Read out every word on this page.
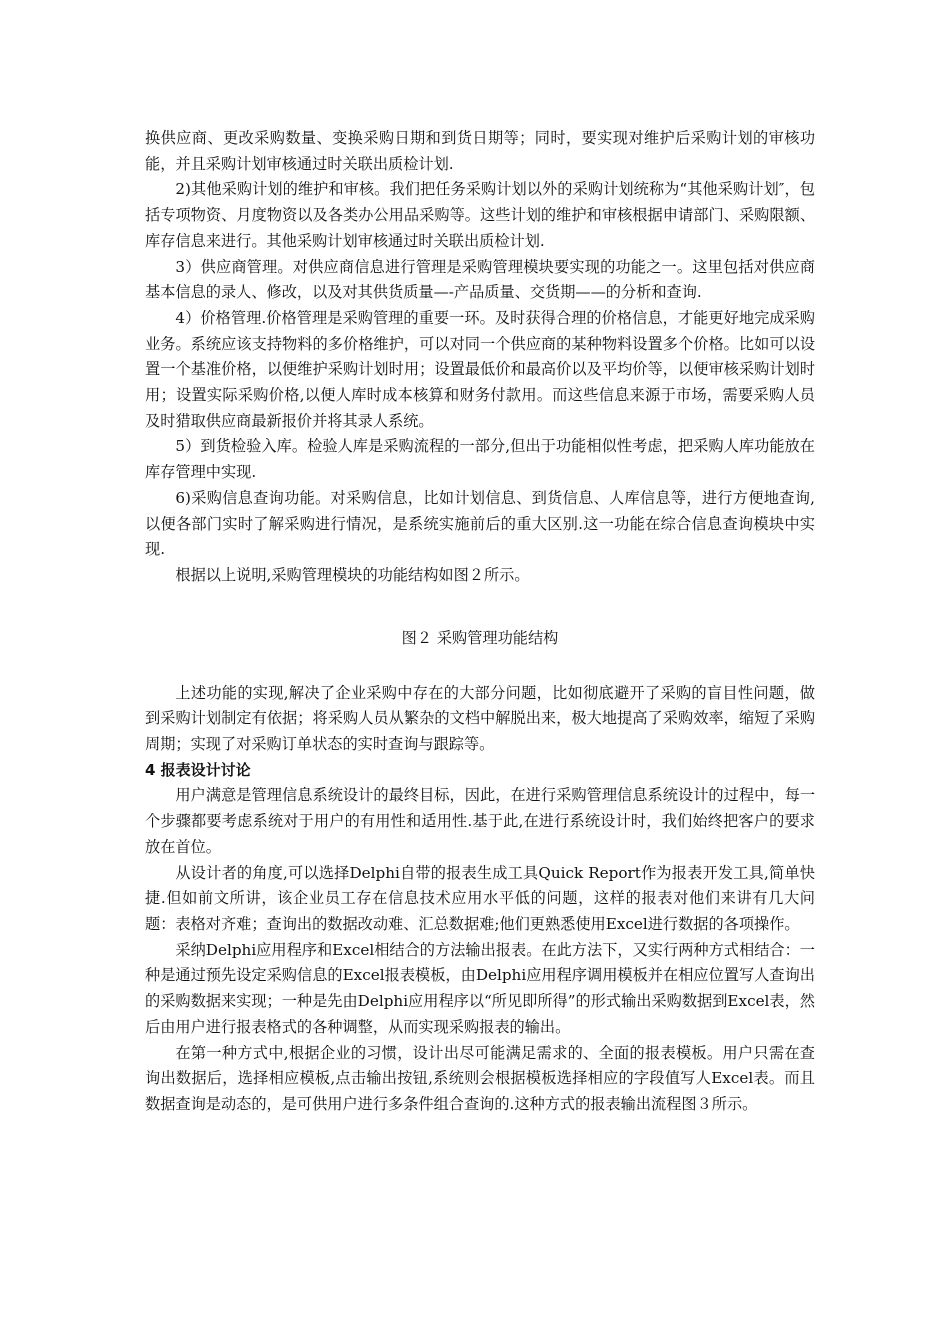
换供应商、更改采购数量、变换采购日期和到货日期等；同时，要实现对维护后采购计划的审核功能，并且采购计划审核通过时关联出质检计划.

2)其他采购计划的维护和审核。我们把任务采购计划以外的采购计划统称为“其他采购计划″，包括专项物资、月度物资以及各类办公用品采购等。这些计划的维护和审核根据申请部门、采购限额、库存信息来进行。其他采购计划审核通过时关联出质检计划.

3）供应商管理。对供应商信息进行管理是采购管理模块要实现的功能之一。这里包括对供应商基本信息的录人、修改，以及对其供货质量—-产品质量、交货期——的分析和查询.

4）价格管理.价格管理是采购管理的重要一环。及时获得合理的价格信息，才能更好地完成采购业务。系统应该支持物料的多价格维护，可以对同一个供应商的某种物料设置多个价格。比如可以设置一个基准价格，以便维护采购计划时用；设置最低价和最高价以及平均价等，以便审核采购计划时用；设置实际采购价格,以便人库时成本核算和财务付款用。而这些信息来源于市场，需要采购人员及时猎取供应商最新报价并将其录人系统。

5）到货检验入库。检验人库是采购流程的一部分,但出于功能相似性考虑，把采购人库功能放在库存管理中实现.

6)采购信息查询功能。对采购信息，比如计划信息、到货信息、人库信息等，进行方便地查询,以便各部门实时了解采购进行情况，是系统实施前后的重大区别.这一功能在综合信息查询模块中实现.

根据以上说明,采购管理模块的功能结构如图２所示。

图２ 采购管理功能结构

上述功能的实现,解决了企业采购中存在的大部分问题，比如彻底避开了采购的盲目性问题，做到采购计划制定有依据；将采购人员从繁杂的文档中解脱出来，极大地提高了采购效率，缩短了采购周期；实现了对采购订单状态的实时查询与跟踪等。

4 报表设计讨论

用户满意是管理信息系统设计的最终目标，因此，在进行采购管理信息系统设计的过程中，每一个步骤都要考虑系统对于用户的有用性和适用性.基于此,在进行系统设计时，我们始终把客户的要求放在首位。

从设计者的角度,可以选择Delphi自带的报表生成工具Quick Report作为报表开发工具,简单快捷.但如前文所讲，该企业员工存在信息技术应用水平低的问题，这样的报表对他们来讲有几大问题：表格对齐难；查询出的数据改动难、汇总数据难;他们更熟悉使用Excel进行数据的各项操作。

采纳Delphi应用程序和Excel相结合的方法输出报表。在此方法下，又实行两种方式相结合：一种是通过预先设定采购信息的Excel报表模板，由Delphi应用程序调用模板并在相应位置写人查询出的采购数据来实现；一种是先由Delphi应用程序以“所见即所得”的形式输出采购数据到Excel表，然后由用户进行报表格式的各种调整，从而实现采购报表的输出。

在第一种方式中,根据企业的习惯，设计出尽可能满足需求的、全面的报表模板。用户只需在查询出数据后，选择相应模板,点击输出按钮,系统则会根据模板选择相应的字段值写人Excel表。而且数据查询是动态的，是可供用户进行多条件组合查询的.这种方式的报表输出流程图３所示。
